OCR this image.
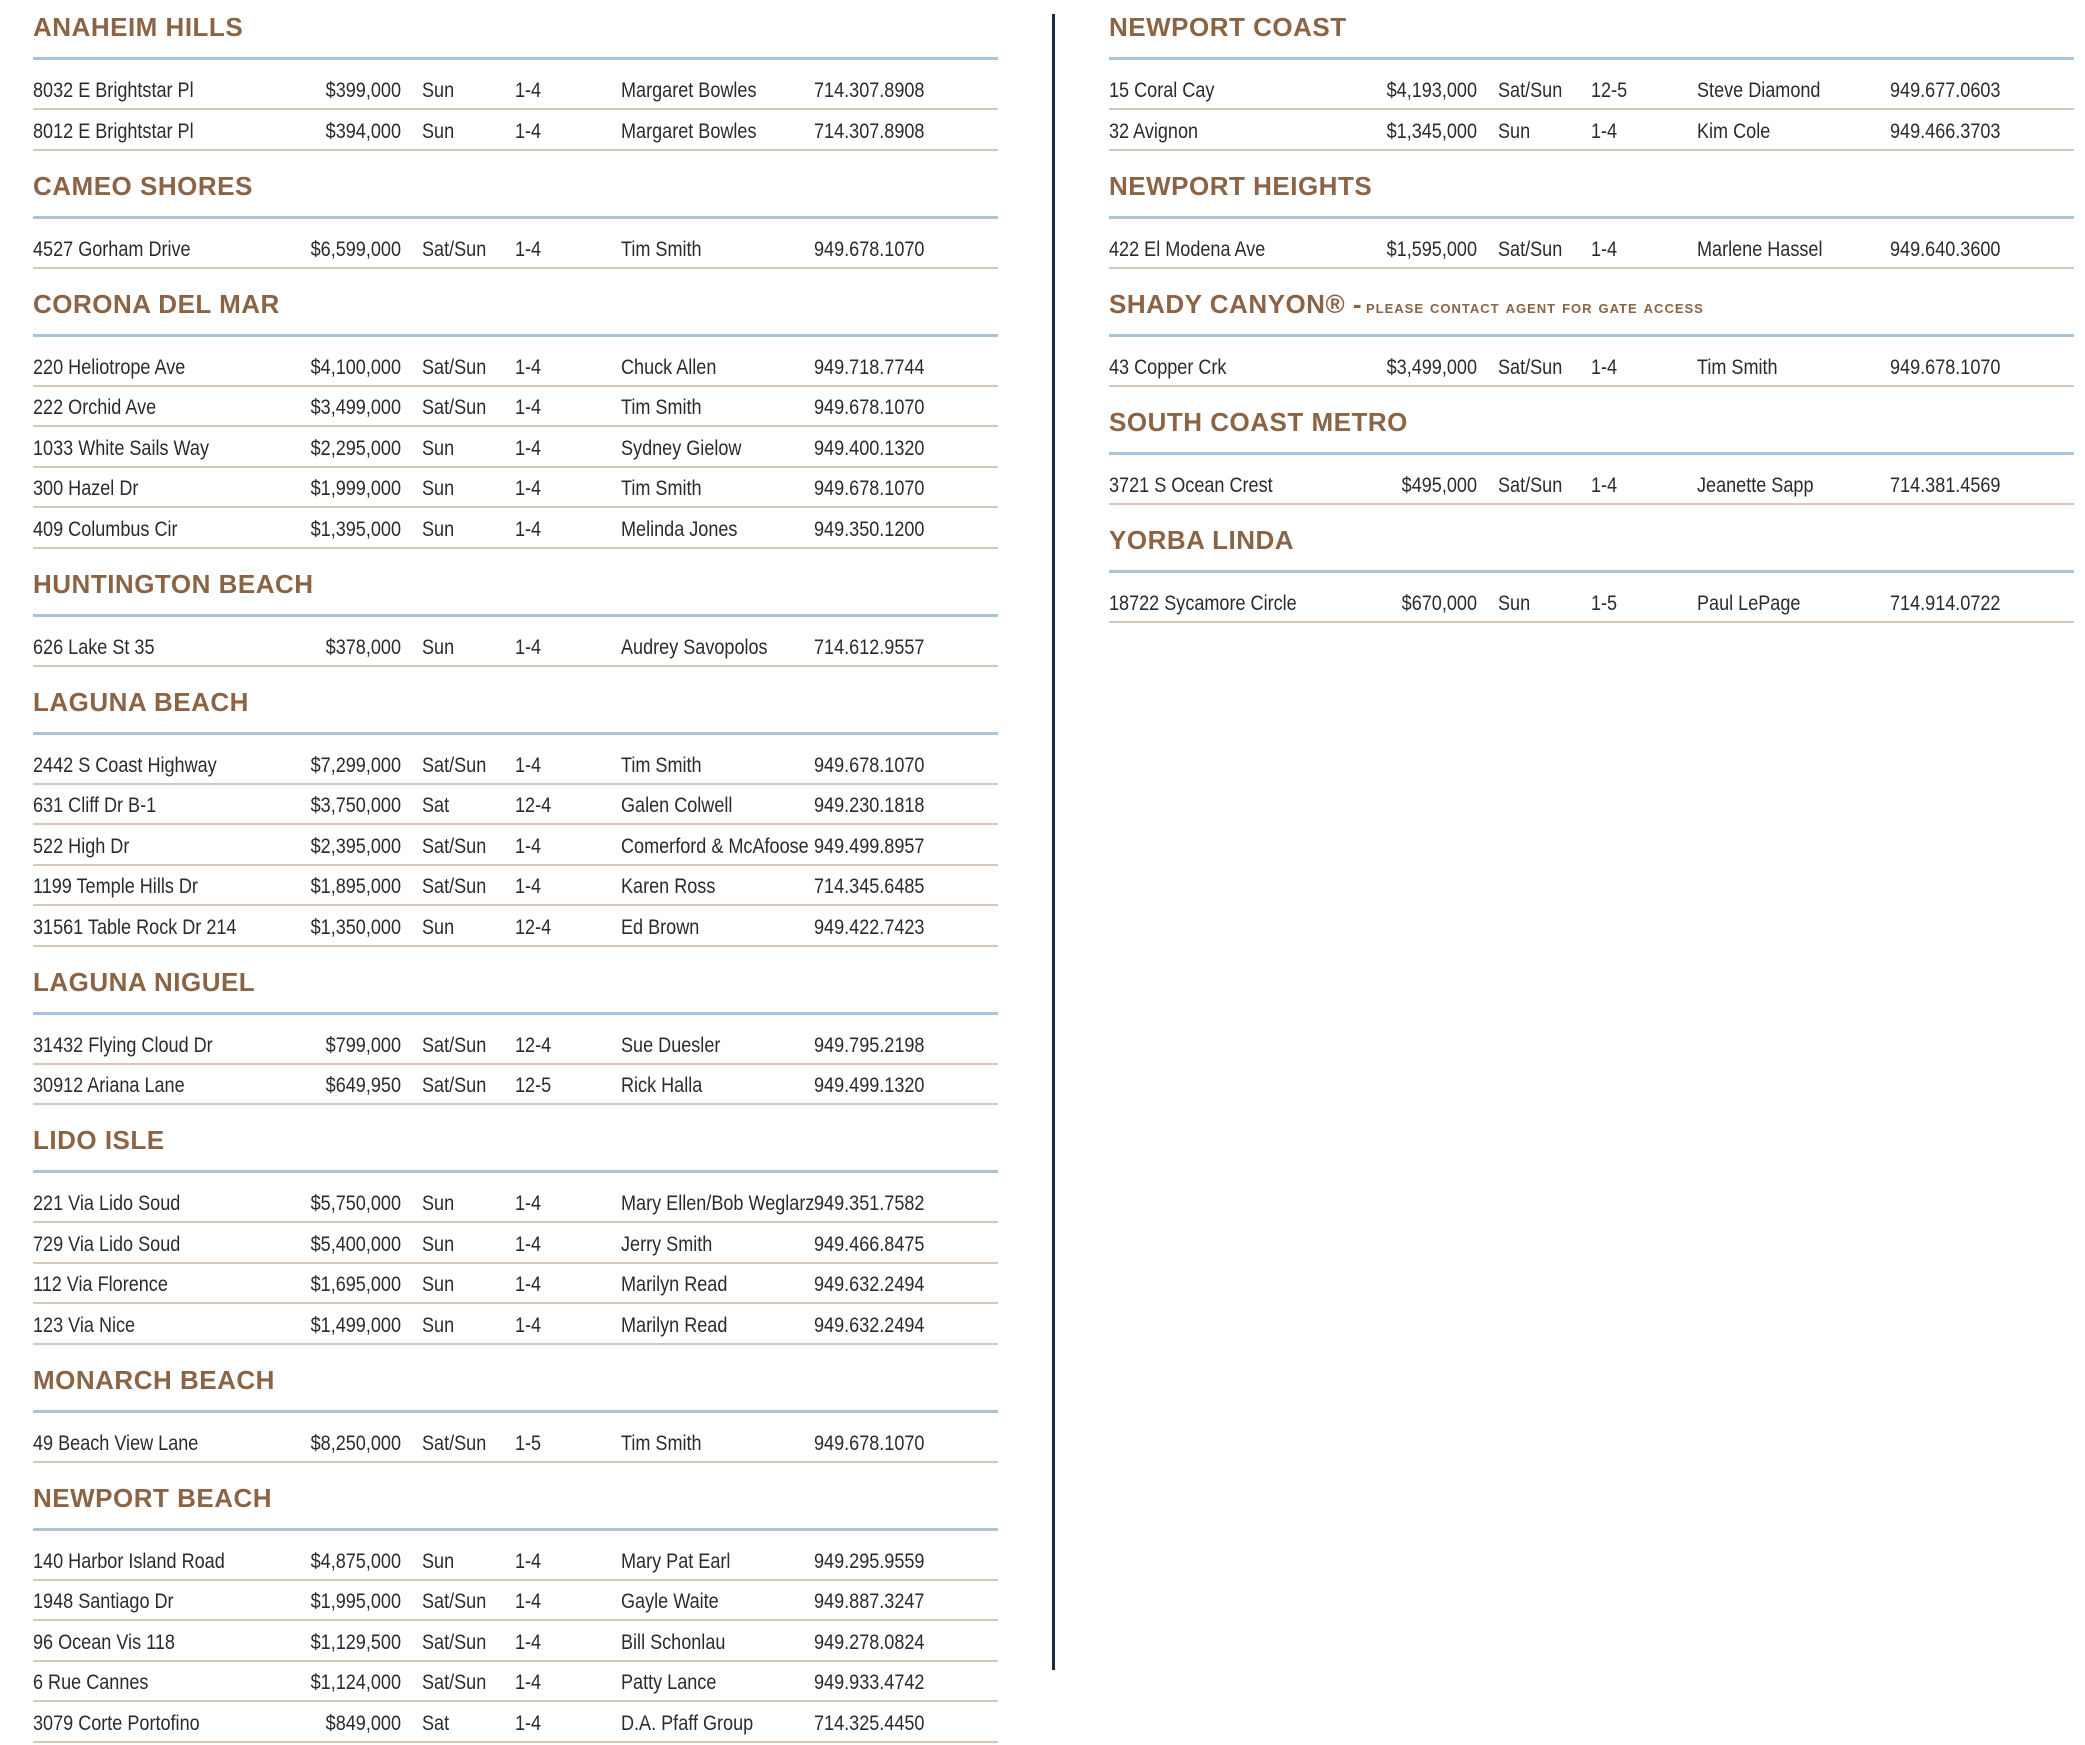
ANAHEIM HILLS
8032 E Brightstar Pl	$399,000 Sun	1-4	Margaret Bowles	714.307.8908
8012 E Brightstar Pl	$394,000 Sun	1-4	Margaret Bowles	714.307.8908
CAMEO SHORES
4527 Gorham Drive	$6,599,000 Sat/Sun 1-4	Tim Smith	949.678.1070
CORONA DEL MAR
220 Heliotrope Ave	$4,100,000 Sat/Sun 1-4	Chuck Allen	949.718.7744
222 Orchid Ave	$3,499,000 Sat/Sun 1-4	Tim Smith	949.678.1070
1033 White Sails Way	$2,295,000 Sun	1-4	Sydney Gielow	949.400.1320
300 Hazel Dr	$1,999,000 Sun	1-4	Tim Smith	949.678.1070
409 Columbus Cir	$1,395,000 Sun	1-4	Melinda Jones	949.350.1200
HUNTINGTON BEACH
626 Lake St 35	$378,000 Sun	1-4	Audrey Savopolos 714.612.9557
LAGUNA BEACH
2442 S Coast Highway	$7,299,000 Sat/Sun 1-4	Tim Smith	949.678.1070
631 Cliff Dr B-1	$3,750,000 Sat	12-4	Galen Colwell	949.230.1818
522 High Dr	$2,395,000 Sat/Sun 1-4	Comerford & McAfoose 949.499.8957
1199 Temple Hills Dr	$1,895,000 Sat/Sun 1-4	Karen Ross	714.345.6485
31561 Table Rock Dr 214	$1,350,000 Sun	12-4	Ed Brown	949.422.7423
LAGUNA NIGUEL
31432 Flying Cloud Dr	$799,000 Sat/Sun 12-4	Sue Duesler	949.795.2198
30912 Ariana Lane	$649,950 Sat/Sun 12-5	Rick Halla	949.499.1320
LIDO ISLE
221 Via Lido Soud	$5,750,000 Sun	1-4	Mary Ellen/Bob Weglarz 949.351.7582
729 Via Lido Soud	$5,400,000 Sun	1-4	Jerry Smith	949.466.8475
112 Via Florence	$1,695,000 Sun	1-4	Marilyn Read	949.632.2494
123 Via Nice	$1,499,000 Sun	1-4	Marilyn Read	949.632.2494
MONARCH BEACH
49 Beach View Lane	$8,250,000 Sat/Sun 1-5	Tim Smith	949.678.1070
NEWPORT BEACH
140 Harbor Island Road	$4,875,000 Sun	1-4	Mary Pat Earl	949.295.9559
1948 Santiago Dr	$1,995,000 Sat/Sun 1-4	Gayle Waite	949.887.3247
96 Ocean Vis 118	$1,129,500 Sat/Sun 1-4	Bill Schonlau	949.278.0824
6 Rue Cannes	$1,124,000 Sat/Sun 1-4	Patty Lance	949.933.4742
3079 Corte Portofino	$849,000 Sat	1-4	D.A. Pfaff Group	714.325.4450
NEWPORT COAST
15 Coral Cay	$4,193,000 Sat/Sun 12-5	Steve Diamond	949.677.0603
32 Avignon	$1,345,000 Sun	1-4	Kim Cole	949.466.3703
NEWPORT HEIGHTS
422 El Modena Ave	$1,595,000 Sat/Sun 1-4	Marlene Hassel	949.640.3600
SHADY CANYON® - please contact agent for gate access
43 Copper Crk	$3,499,000 Sat/Sun 1-4	Tim Smith	949.678.1070
SOUTH COAST METRO
3721 S Ocean Crest	$495,000 Sat/Sun 1-4	Jeanette Sapp	714.381.4569
YORBA LINDA
18722 Sycamore Circle	$670,000 Sun	1-5	Paul LePage	714.914.0722
